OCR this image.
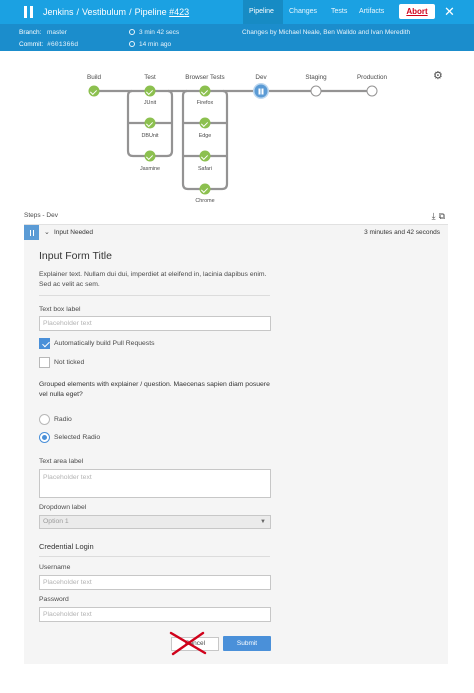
Jenkins / Vestibulum / Pipeline #423	Pipeline	Changes	Tests	Artifacts	Abort	✕
Branch: master
Commit: #601366d
3 min 42 secs
14 min ago
Changes by Michael Neale, Ben Walldo and Ivan Meredith
Build	Test	Browser Tests	Dev	Staging	Production
JUnit
DBUnit
Jasmine
Firefox
Edge
Safari
Chrome
⚙
Steps - Dev	⤓⧉
⌄ Input Needed	3 minutes and 42 seconds
Input Form Title
Explainer text. Nullam dui dui, imperdiet at eleifend in, lacinia dapibus enim. Sed ac velit ac sem.
Text box label
Placeholder text
Automatically build Pull Requests
Not ticked
Grouped elements with explainer / question. Maecenas sapien diam posuere vel nulla eget?
Radio
Selected Radio
Text area label
Placeholder text
Dropdown label
Option 1	▼
Credential Login
Username
Placeholder text
Password
Placeholder text
Cancel	Submit
